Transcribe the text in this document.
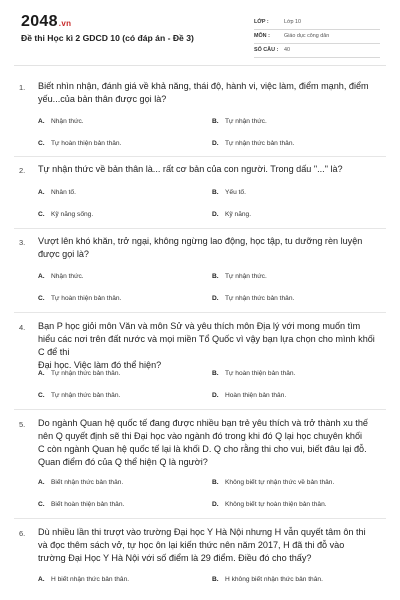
2048.vn
Đề thi Học kì 2 GDCD 10 (có đáp án - Đề 3)
LỚP :	Lớp 10
MÔN :	Giáo dục công dân
SỐ CÂU : 40
1. Biết nhìn nhận, đánh giá về khả năng, thái độ, hành vi, việc làm, điểm mạnh, điểm
yếu...của bản thân được gọi là?
A. Nhận thức.	B. Tự nhận thức.
C. Tự hoàn thiện bản thân.	D. Tự nhận thức bản thân.
2. Tự nhận thức về bản thân là... rất cơ bản của con người. Trong dấu "..." là?
A. Nhân tố.	B. Yếu tố.
C. Kỹ năng sống.	D. Kỹ năng.
3. Vượt lên khó khăn, trở ngại, không ngừng lao động, học tập, tu dưỡng rèn luyện
được gọi là?
A. Nhận thức.	B. Tự nhận thức.
C. Tự hoàn thiện bản thân.	D. Tự nhận thức bản thân.
4. Bạn P học giỏi môn Văn và môn Sử và yêu thích môn Địa lý với mong muốn tìm
hiểu các nơi trên đất nước và mọi miền Tổ Quốc vì vậy bạn lựa chọn cho mình khối C để thi
Đại học. Việc làm đó thể hiện?
A. Tự nhận thức bản thân.	B. Tự hoàn thiện bản thân.
C. Tự nhận thức bản thân.	D. Hoàn thiện bản thân.
5. Do ngành Quan hệ quốc tế đang được nhiều bạn trẻ yêu thích và trở thành xu thế
nên Q quyết định sẽ thi Đại học vào ngành đó trong khi đó Q lại học chuyên khối
C còn ngành Quan hệ quốc tế lại là khối D. Q cho rằng thi cho vui, biết đâu lại đỗ.
Quan điểm đó của Q thể hiện Q là người?
A. Biết nhận thức bản thân.	B. Không biết tự nhận thức về bản thân.
C. Biết hoàn thiện bản thân.	D. Không biết tự hoàn thiện bản thân.
6. Dù nhiều lần thi trượt vào trường Đại học Y Hà Nội nhưng H vẫn quyết tâm ôn thi
và đọc thêm sách vở, tự học ôn lại kiến thức nên năm 2017, H đã thi đỗ vào
trường Đại Học Y Hà Nội với số điểm là 29 điểm. Điều đó cho thấy?
A. H biết nhận thức bản thân.	B. H không biết nhận thức bản thân.
